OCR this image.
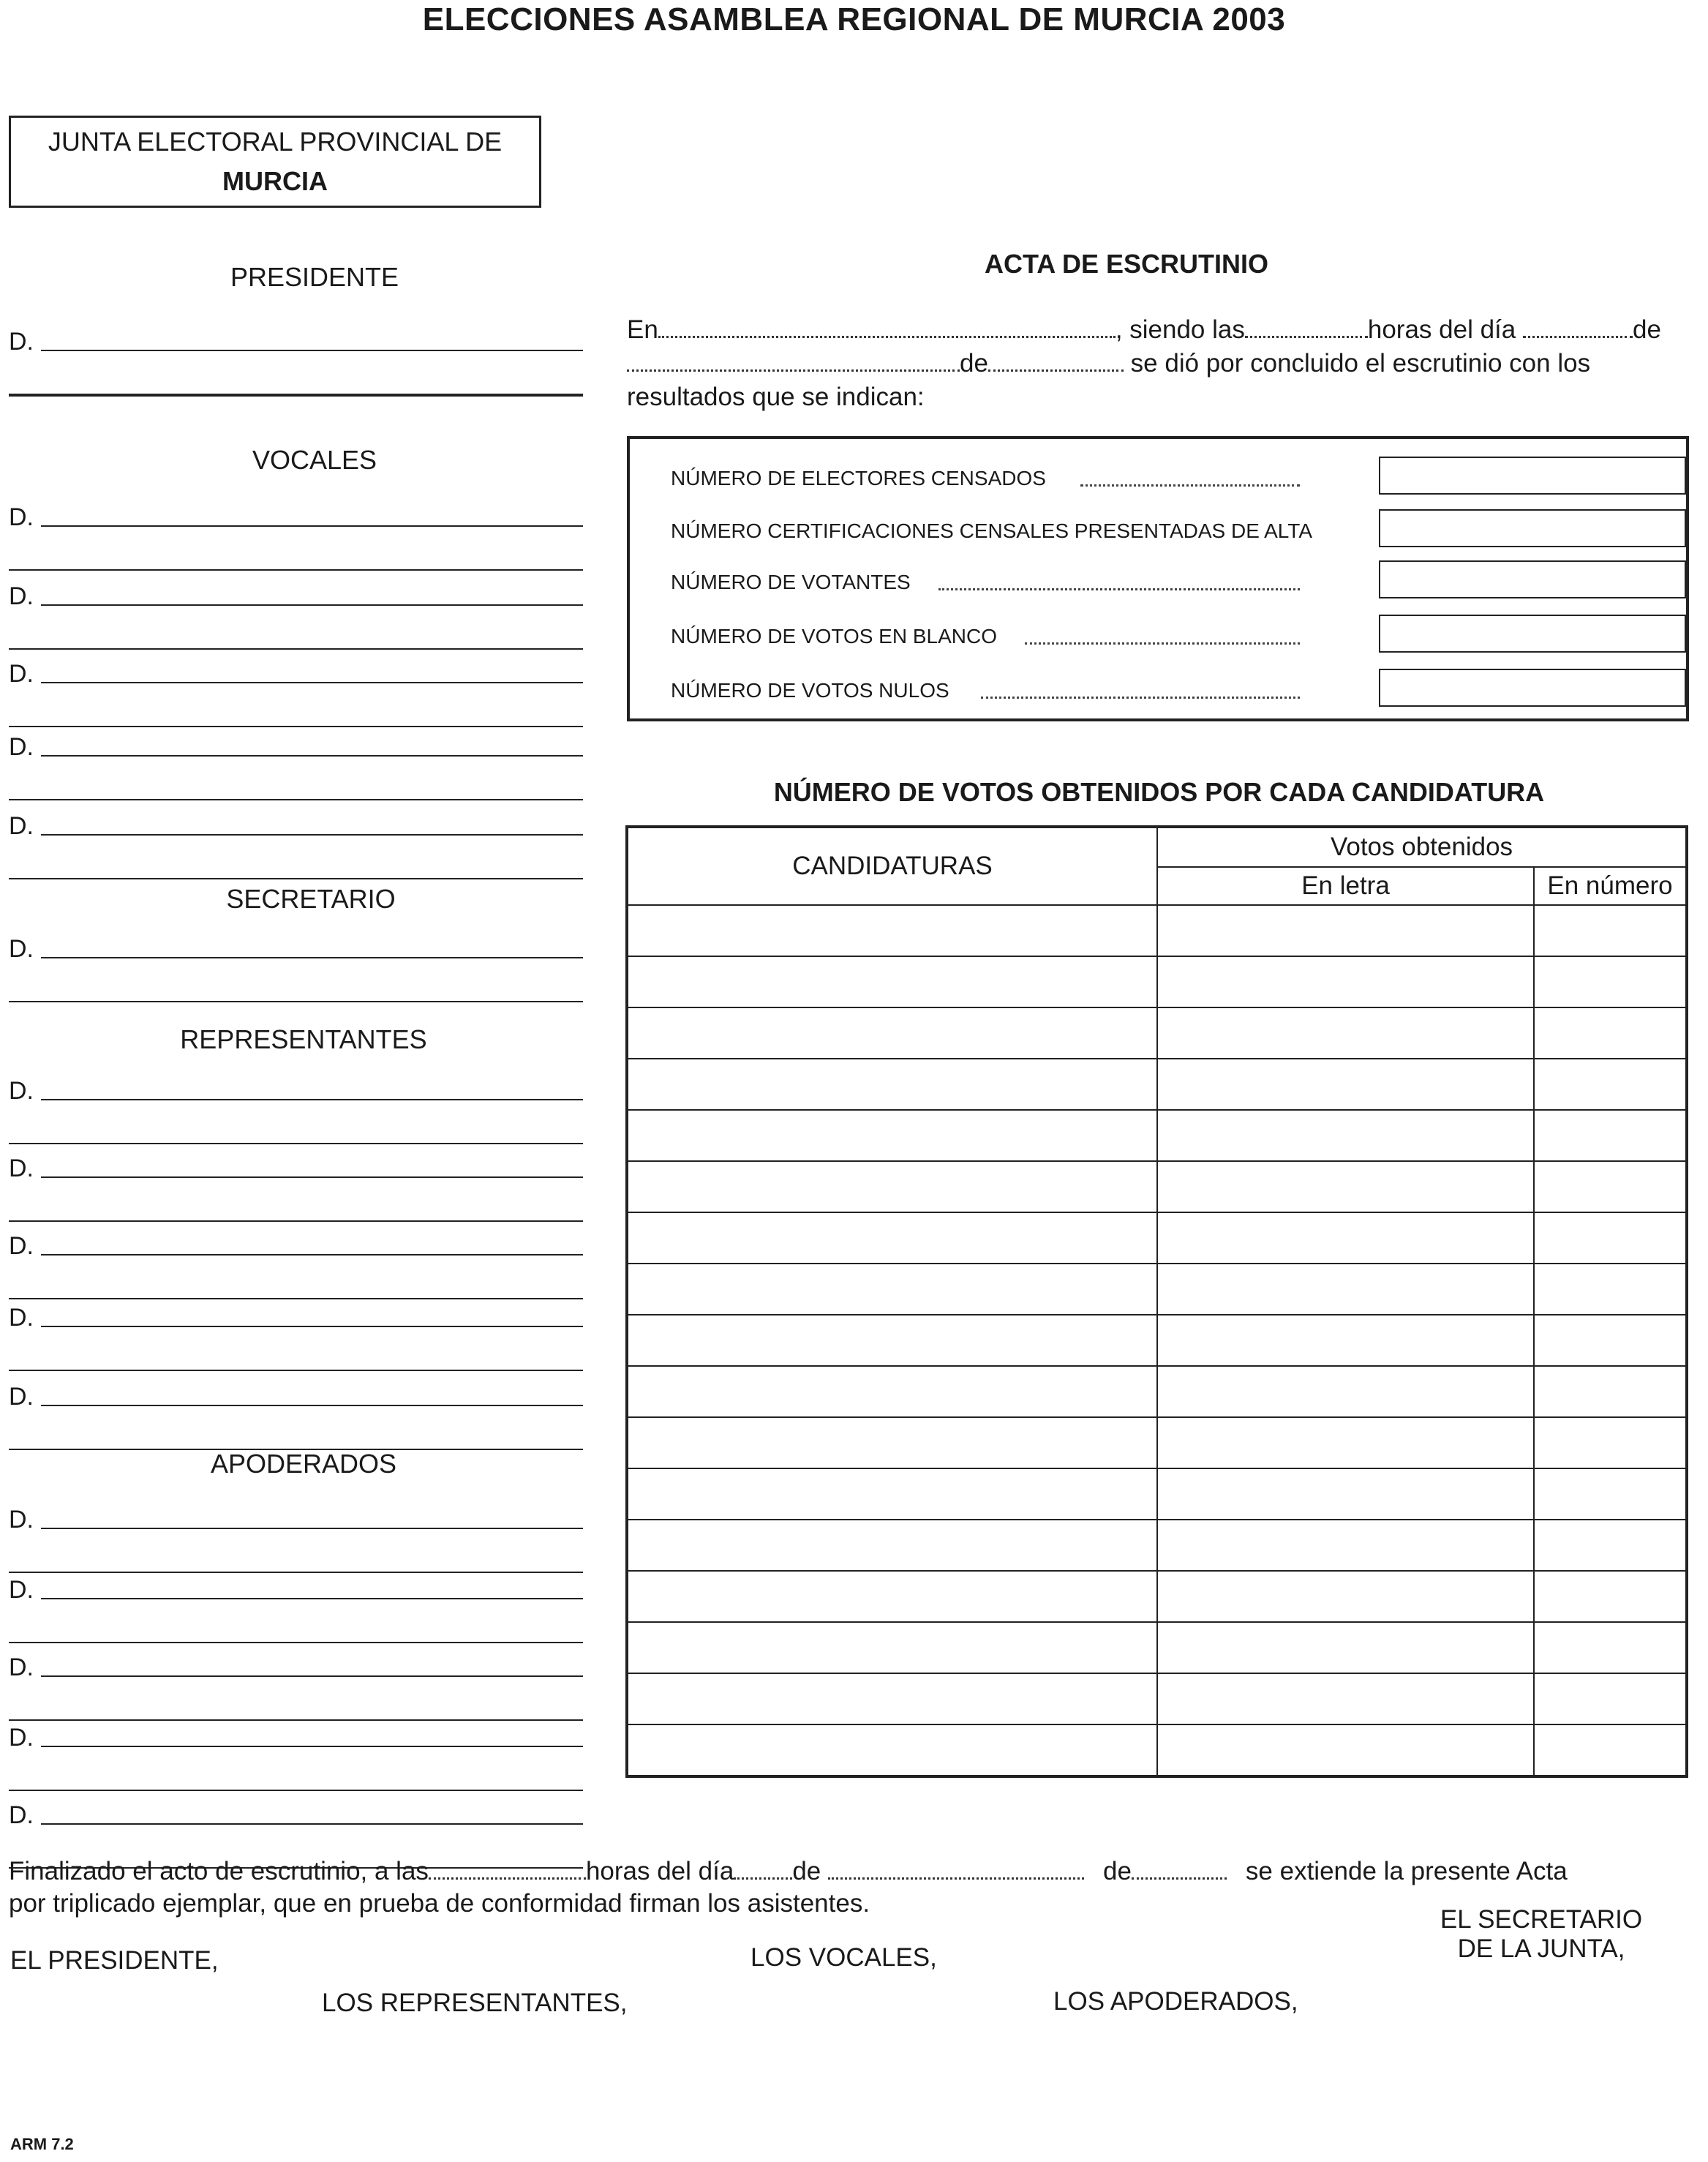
ELECCIONES ASAMBLEA REGIONAL DE MURCIA 2003
JUNTA ELECTORAL PROVINCIAL DE
MURCIA
PRESIDENTE
VOCALES
SECRETARIO
REPRESENTANTES
APODERADOS
D.
D.
D.
D.
D.
D.
D.
D.
D.
D.
D.
D.
D.
D.
D.
D.
D.
ACTA DE ESCRUTINIO
En	, siendo las	horas del día	de
de	se dió por concluido el escrutinio con los
resultados que se indican:
NÚMERO DE ELECTORES CENSADOS
NÚMERO CERTIFICACIONES CENSALES PRESENTADAS DE ALTA
NÚMERO DE VOTANTES
NÚMERO DE VOTOS EN BLANCO
NÚMERO DE VOTOS NULOS
NÚMERO DE VOTOS OBTENIDOS POR CADA CANDIDATURA
CANDIDATURAS	Votos obtenidos	
	En letra	En número

Finalizado el acto de escrutinio, a las	horas del día de	de	se extiende la presente Acta
por triplicado ejemplar, que en prueba de conformidad firman los asistentes.
EL PRESIDENTE,	LOS VOCALES,
EL SECRETARIO
DE LA JUNTA,
LOS REPRESENTANTES,	LOS APODERADOS,
ARM 7.2
